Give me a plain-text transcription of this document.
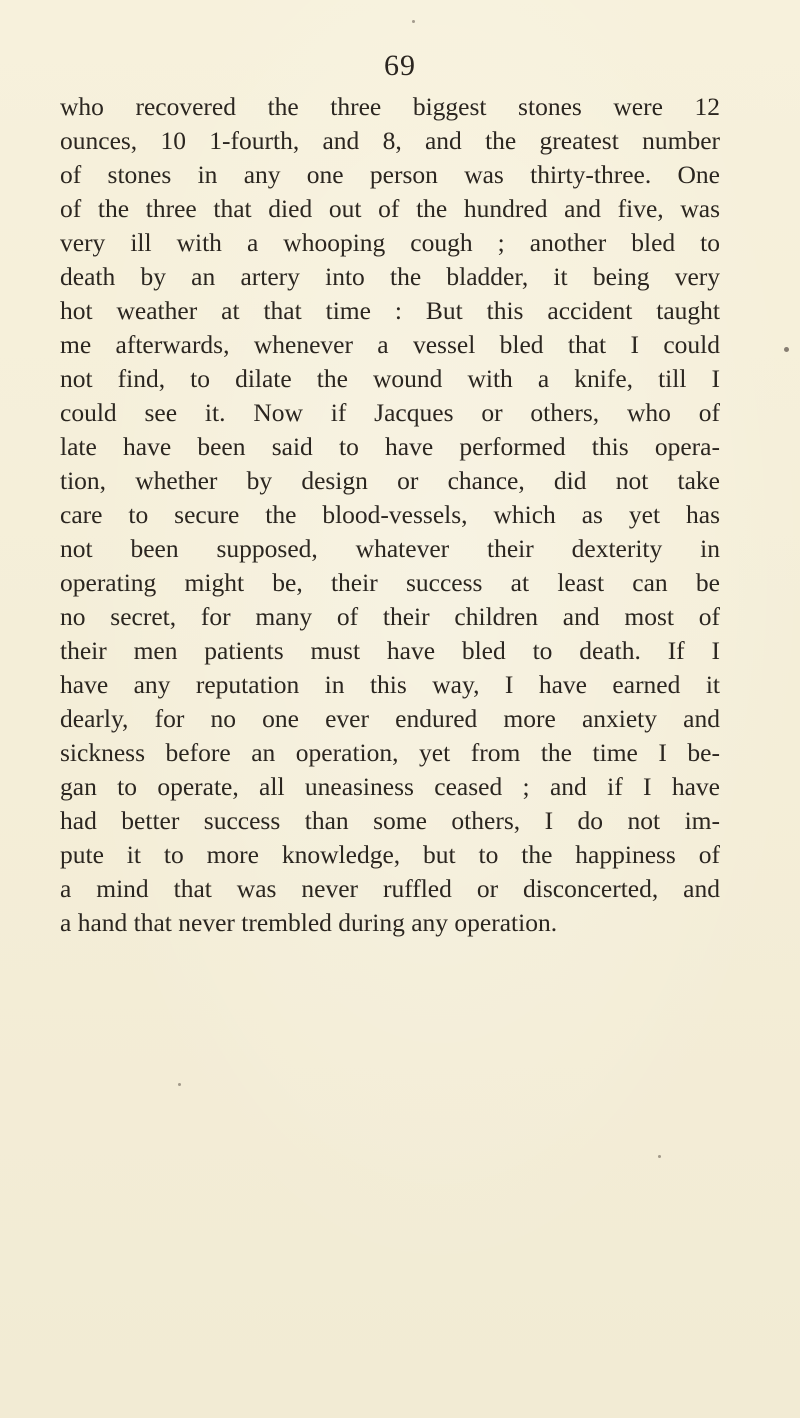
69
who recovered the three biggest stones were 12
ounces, 10 1-fourth, and 8, and the greatest number
of stones in any one person was thirty-three. One
of the three that died out of the hundred and five, was
very ill with a whooping cough ; another bled to
death by an artery into the bladder, it being very
hot weather at that time : But this accident taught
me afterwards, whenever a vessel bled that I could
not find, to dilate the wound with a knife, till I
could see it. Now if Jacques or others, who of
late have been said to have performed this opera-
tion, whether by design or chance, did not take
care to secure the blood-vessels, which as yet has
not been supposed, whatever their dexterity in
operating might be, their success at least can be
no secret, for many of their children and most of
their men patients must have bled to death. If I
have any reputation in this way, I have earned it
dearly, for no one ever endured more anxiety and
sickness before an operation, yet from the time I be-
gan to operate, all uneasiness ceased ; and if I have
had better success than some others, I do not im-
pute it to more knowledge, but to the happiness of
a mind that was never ruffled or disconcerted, and
a hand that never trembled during any operation.
